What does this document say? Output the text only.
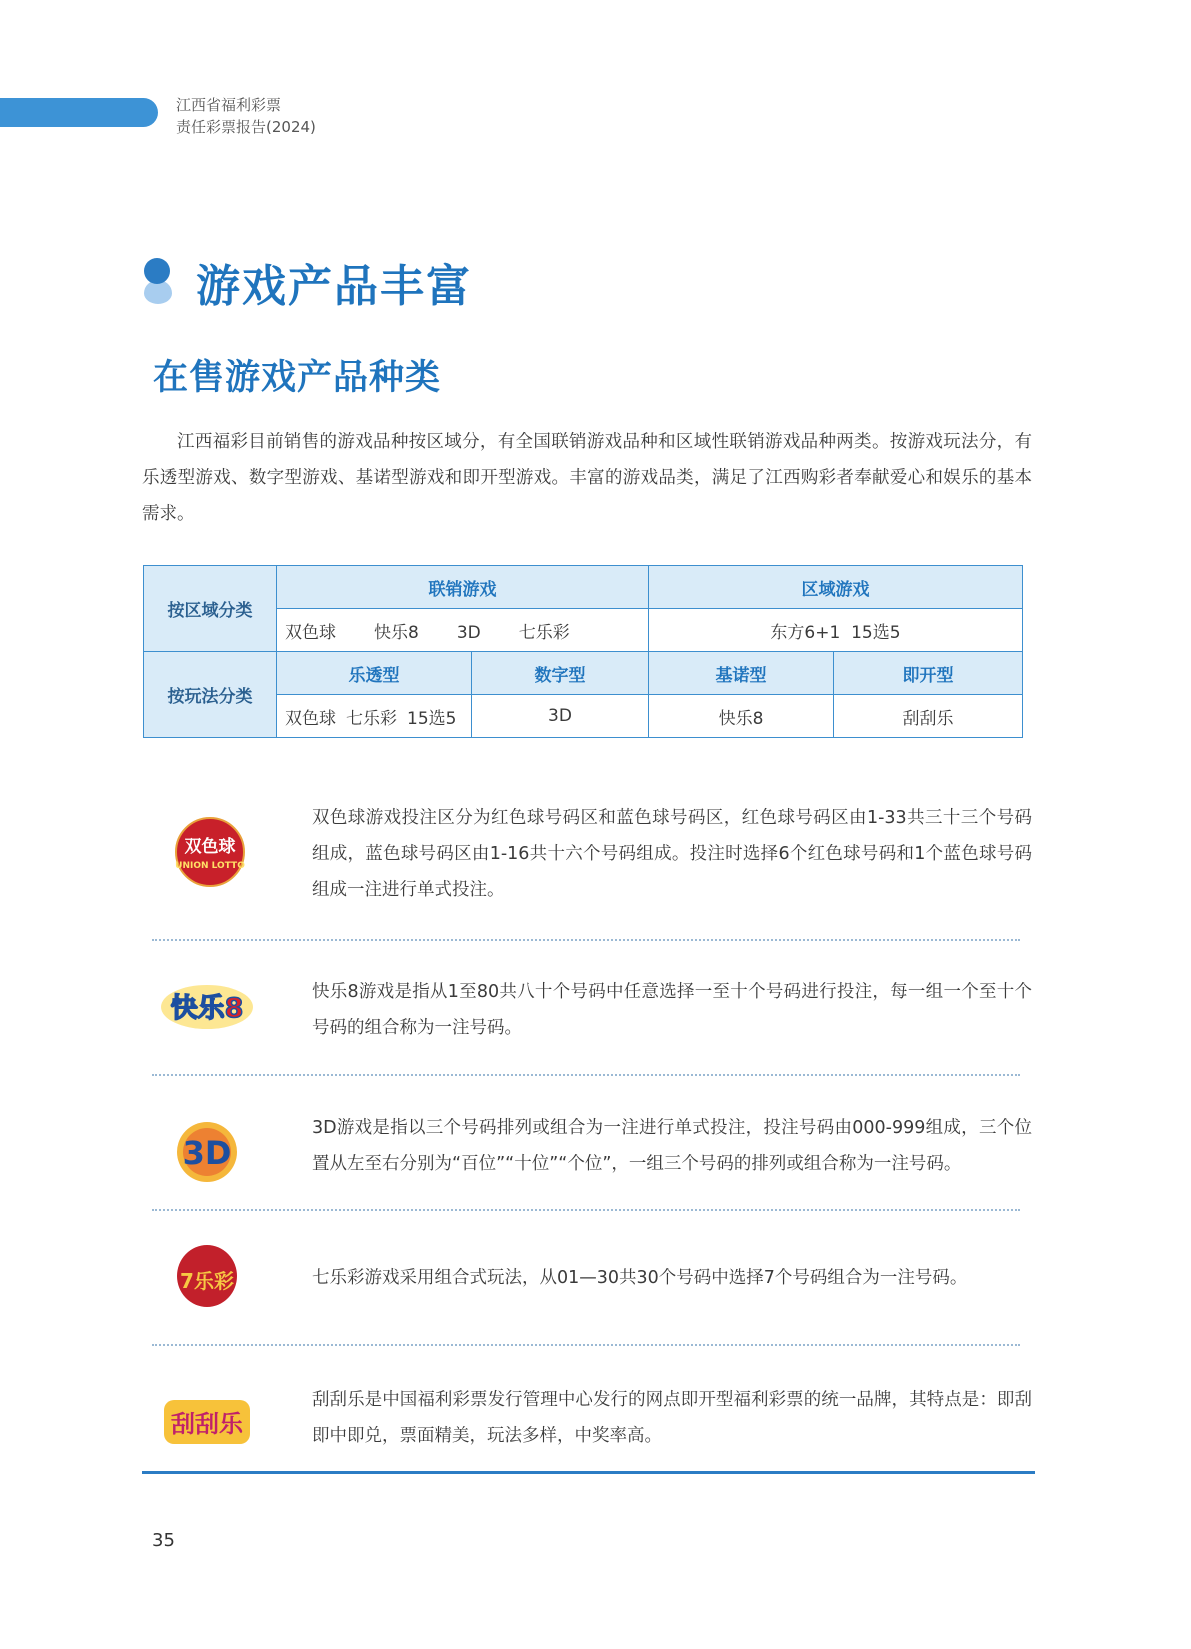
江西省福利彩票
责任彩票报告(2024)
游戏产品丰富
在售游戏产品种类
江西福彩目前销售的游戏品种按区域分，有全国联销游戏品种和区域性联销游戏品种两类。按游戏玩法分，有乐透型游戏、数字型游戏、基诺型游戏和即开型游戏。丰富的游戏品类，满足了江西购彩者奉献爱心和娱乐的基本需求。
按区域分类	联销游戏		区域游戏	
	双色球 快乐8 3D 七乐彩		东方6+1  15选5	
按玩法分类	乐透型	数字型	基诺型	即开型
	双色球 七乐彩 15选5	3D	快乐8	刮刮乐
双色球
UNION LOTTO
双色球游戏投注区分为红色球号码区和蓝色球号码区，红色球号码区由1-33共三十三个号码组成，蓝色球号码区由1-16共十六个号码组成。投注时选择6个红色球号码和1个蓝色球号码组成一注进行单式投注。
快乐8
快乐8游戏是指从1至80共八十个号码中任意选择一至十个号码进行投注，每一组一个至十个号码的组合称为一注号码。
3D
3D游戏是指以三个号码排列或组合为一注进行单式投注，投注号码由000-999组成，三个位置从左至右分别为“百位”“十位”“个位”，一组三个号码的排列或组合称为一注号码。
7乐彩	七乐彩游戏采用组合式玩法，从01—30共30个号码中选择7个号码组合为一注号码。
刮刮乐
刮刮乐是中国福利彩票发行管理中心发行的网点即开型福利彩票的统一品牌，其特点是：即刮即中即兑，票面精美，玩法多样，中奖率高。
35
